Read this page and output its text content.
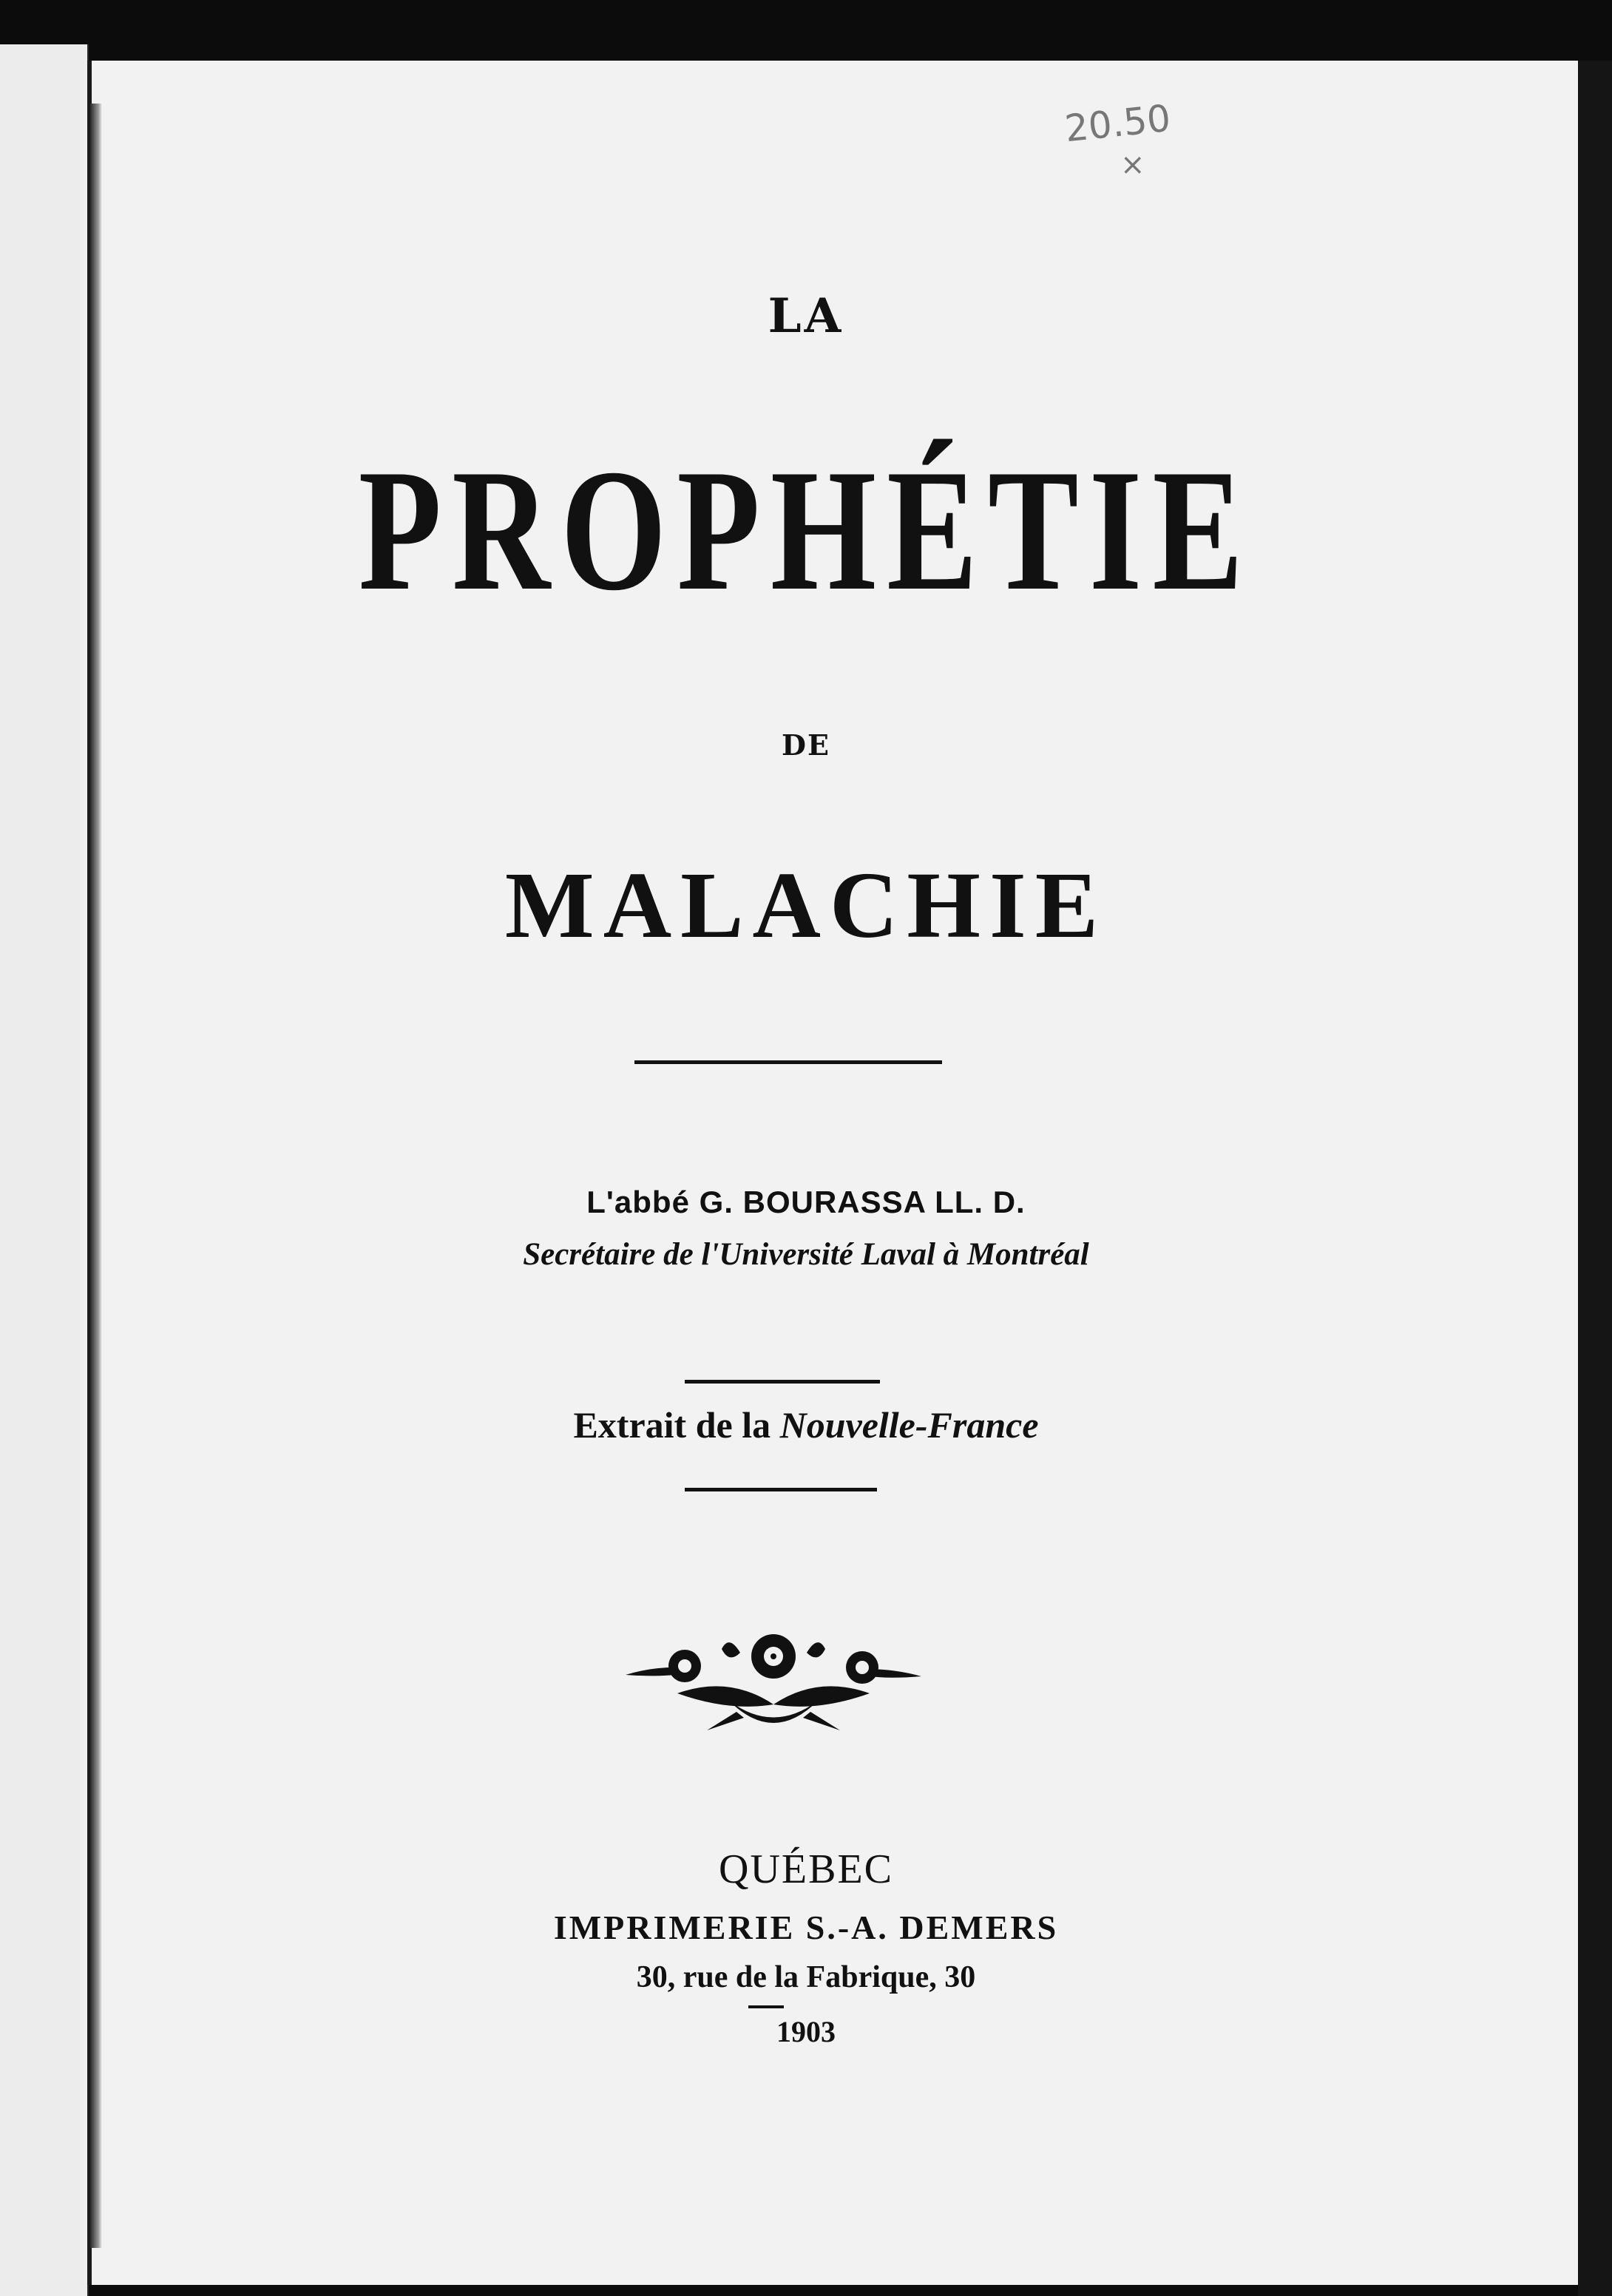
20.50
×
LA
PROPHÉTIE
DE
MALACHIE
L'abbé G. BOURASSA LL. D.
Secrétaire de l'Université Laval à Montréal
Extrait de la Nouvelle-France
QUÉBEC
IMPRIMERIE S.-A. DEMERS
30, rue de la Fabrique, 30
1903
